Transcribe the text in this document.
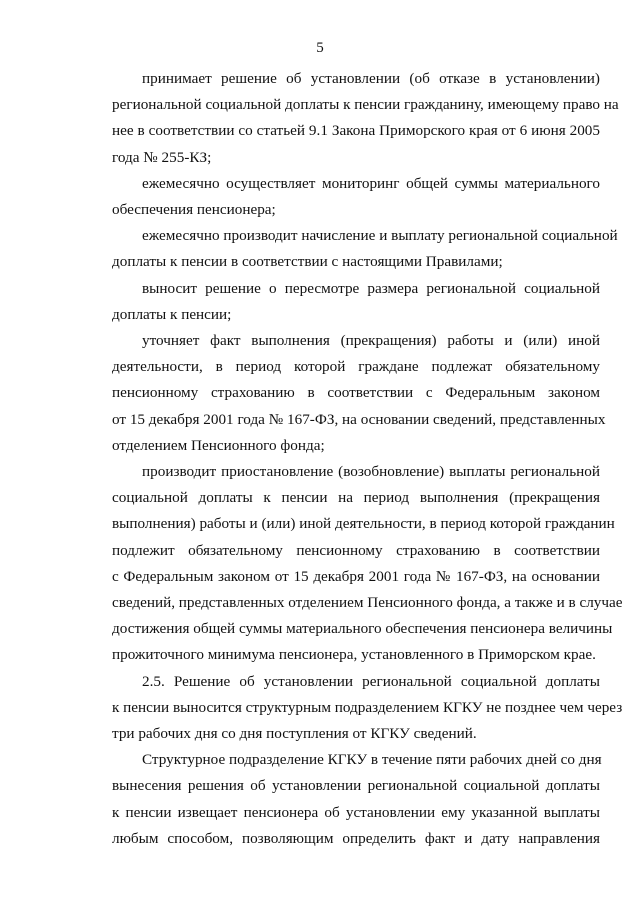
5
принимает решение об установлении (об отказе в установлении)
региональной социальной доплаты к пенсии гражданину, имеющему право на
нее в соответствии со статьей 9.1 Закона Приморского края от 6 июня 2005
года № 255-КЗ;
ежемесячно осуществляет мониторинг общей суммы материального
обеспечения пенсионера;
ежемесячно производит начисление и выплату региональной социальной
доплаты к пенсии в соответствии с настоящими Правилами;
выносит решение о пересмотре размера региональной социальной
доплаты к пенсии;
уточняет факт выполнения (прекращения) работы и (или) иной
деятельности, в период которой граждане подлежат обязательному
пенсионному страхованию в соответствии с Федеральным законом
от 15 декабря 2001 года № 167-ФЗ, на основании сведений, представленных
отделением Пенсионного фонда;
производит приостановление (возобновление) выплаты региональной
социальной доплаты к пенсии на период выполнения (прекращения
выполнения) работы и (или) иной деятельности, в период которой гражданин
подлежит обязательному пенсионному страхованию в соответствии
с Федеральным законом от 15 декабря 2001 года № 167-ФЗ, на основании
сведений, представленных отделением Пенсионного фонда, а также и в случае
достижения общей суммы материального обеспечения пенсионера величины
прожиточного минимума пенсионера, установленного в Приморском крае.
2.5. Решение об установлении региональной социальной доплаты
к пенсии выносится структурным подразделением КГКУ не позднее чем через
три рабочих дня со дня поступления от КГКУ сведений.
Структурное подразделение КГКУ в течение пяти рабочих дней со дня
вынесения решения об установлении региональной социальной доплаты
к пенсии извещает пенсионера об установлении ему указанной выплаты
любым способом, позволяющим определить факт и дату направления
